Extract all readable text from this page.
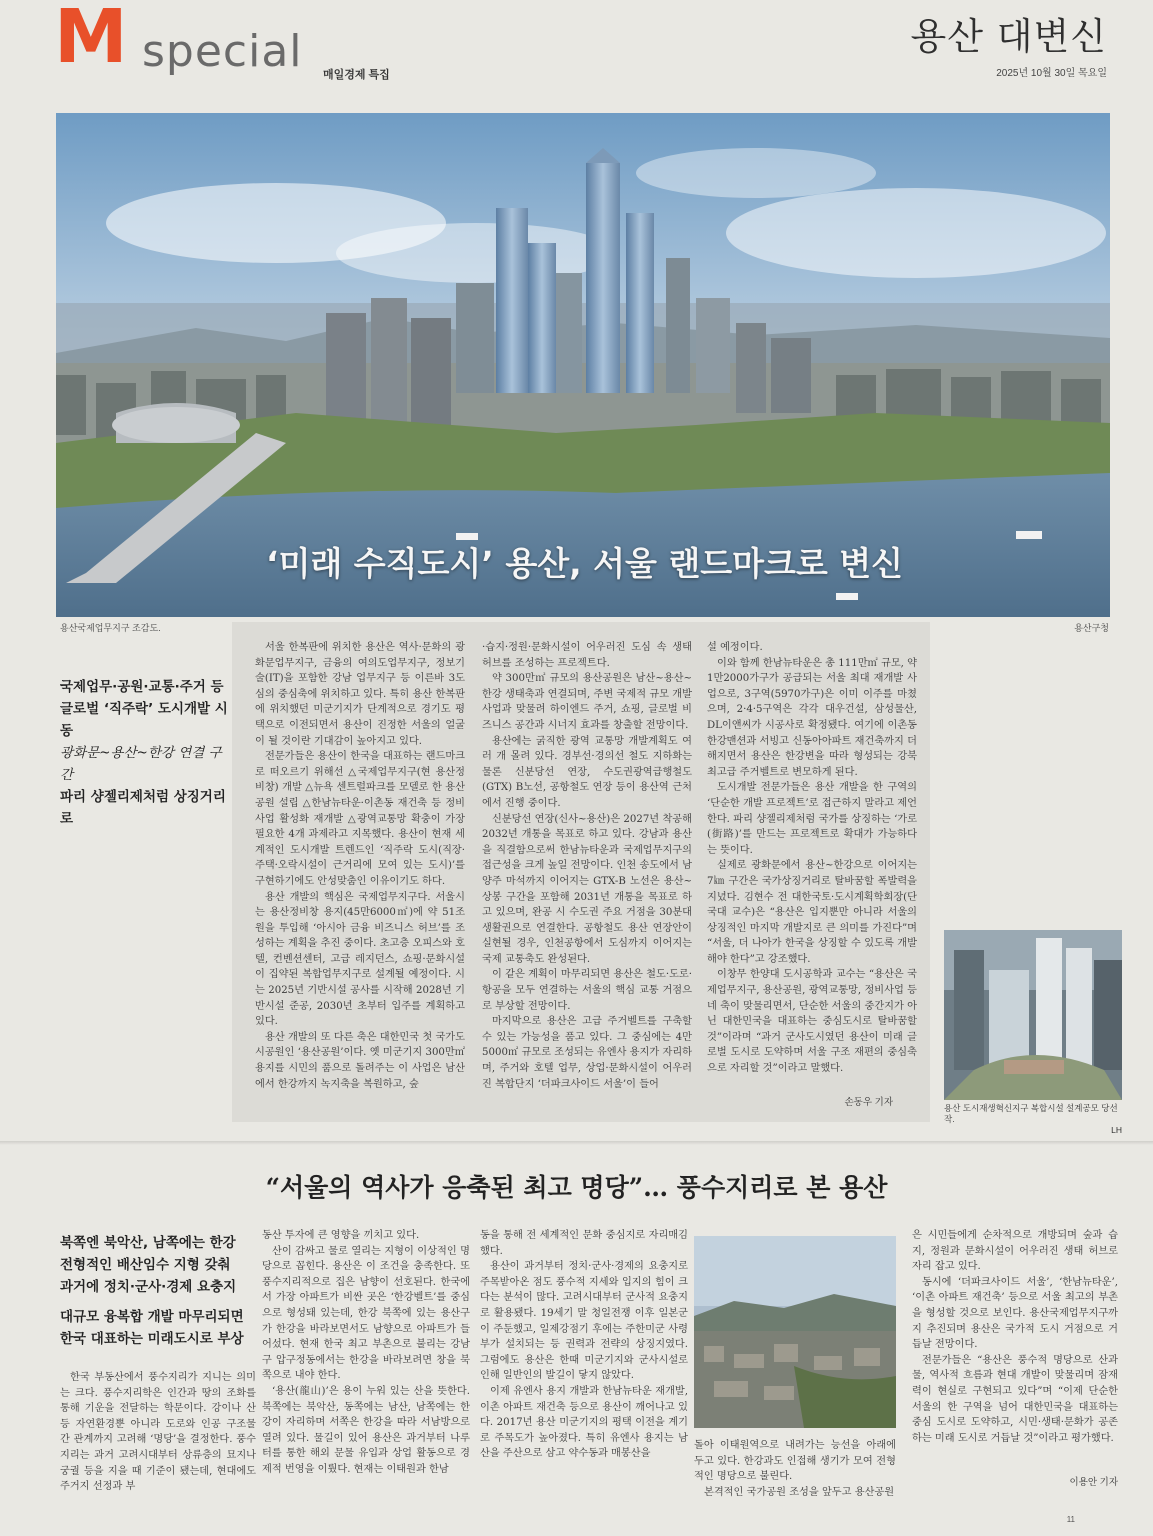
M special 매일경제 특집
용산 대변신
2025년 10월 30일 목요일
‘미래 수직도시’ 용산, 서울 랜드마크로 변신
용산국제업무지구 조감도.	용산구청
국제업무·공원·교통·주거 등
글로벌 ‘직주락’ 도시개발 시동
광화문~용산~한강 연결 구간
파리 샹젤리제처럼 상징거리로

서울 한복판에 위치한 용산은 역사·문화의 광화문업무지구, 금융의 여의도업무지구, 정보기술(IT)을 포함한 강남 업무지구 등 이른바 3도심의 중심축에 위치하고 있다. 특히 용산 한복판에 위치했던 미군기지가 단계적으로 경기도 평택으로 이전되면서 용산이 진정한 서울의 얼굴이 될 것이란 기대감이 높아지고 있다.

전문가들은 용산이 한국을 대표하는 랜드마크로 떠오르기 위해선 △국제업무지구(현 용산정비창) 개발 △뉴욕 센트럴파크를 모델로 한 용산공원 설립 △한남뉴타운·이촌동 재건축 등 정비사업 활성화 재개발 △광역교통망 확충이 가장 필요한 4개 과제라고 지목했다. 용산이 현재 세계적인 도시개발 트렌드인 ‘직주락 도시(직장·주택·오락시설이 근거리에 모여 있는 도시)’를 구현하기에도 안성맞춤인 이유이기도 하다.

용산 개발의 핵심은 국제업무지구다. 서울시는 용산정비창 용지(45만6000㎡)에 약 51조원을 투입해 ‘아시아 금융 비즈니스 허브’를 조성하는 계획을 추진 중이다. 초고층 오피스와 호텔, 컨벤션센터, 고급 레지던스, 쇼핑·문화시설이 집약된 복합업무지구로 설계될 예정이다. 시는 2025년 기반시설 공사를 시작해 2028년 기반시설 준공, 2030년 초부터 입주를 계획하고 있다.

용산 개발의 또 다른 축은 대한민국 첫 국가도시공원인 ‘용산공원’이다. 옛 미군기지 300만㎡ 용지를 시민의 품으로 돌려주는 이 사업은 남산에서 한강까지 녹지축을 복원하고, 숲

·습지·정원·문화시설이 어우러진 도심 속 생태 허브를 조성하는 프로젝트다.

약 300만㎡ 규모의 용산공원은 남산~용산~한강 생태축과 연결되며, 주변 국제적 규모 개발사업과 맞물려 하이엔드 주거, 쇼핑, 글로벌 비즈니스 공간과 시너지 효과를 창출할 전망이다.

용산에는 굵직한 광역 교통망 개발계획도 여러 개 몰려 있다. 경부선·경의선 철도 지하화는 물론 신분당선 연장, 수도권광역급행철도(GTX) B노선, 공항철도 연장 등이 용산역 근처에서 진행 중이다.

신분당선 연장(신사~용산)은 2027년 착공해 2032년 개통을 목표로 하고 있다. 강남과 용산을 직결함으로써 한남뉴타운과 국제업무지구의 접근성을 크게 높일 전망이다. 인천 송도에서 남양주 마석까지 이어지는 GTX-B 노선은 용산~상봉 구간을 포함해 2031년 개통을 목표로 하고 있으며, 완공 시 수도권 주요 거점을 30분대 생활권으로 연결한다. 공항철도 용산 연장안이 실현될 경우, 인천공항에서 도심까지 이어지는 국제 교통축도 완성된다.

이 같은 계획이 마무리되면 용산은 철도·도로·항공을 모두 연결하는 서울의 핵심 교통 거점으로 부상할 전망이다.

마지막으로 용산은 고급 주거벨트를 구축할 수 있는 가능성을 품고 있다. 그 중심에는 4만5000㎡ 규모로 조성되는 유엔사 용지가 자리하며, 주거와 호텔 업무, 상업·문화시설이 어우러진 복합단지 ‘더파크사이드 서울’이 들어

설 예정이다.

이와 함께 한남뉴타운은 총 111만㎡ 규모, 약 1만2000가구가 공급되는 서울 최대 재개발 사업으로, 3구역(5970가구)은 이미 이주를 마쳤으며, 2·4·5구역은 각각 대우건설, 삼성물산, DL이앤씨가 시공사로 확정됐다. 여기에 이촌동 한강맨션과 서빙고 신동아아파트 재건축까지 더해지면서 용산은 한강변을 따라 형성되는 강북 최고급 주거벨트로 변모하게 된다.

도시개발 전문가들은 용산 개발을 한 구역의 ‘단순한 개발 프로젝트’로 접근하지 말라고 제언한다. 파리 샹젤리제처럼 국가를 상징하는 ‘가로(街路)’를 만드는 프로젝트로 확대가 가능하다는 뜻이다.

실제로 광화문에서 용산~한강으로 이어지는 7㎞ 구간은 국가상징거리로 탈바꿈할 폭발력을 지녔다. 김현수 전 대한국토·도시계획학회장(단국대 교수)은 “용산은 입지뿐만 아니라 서울의 상징적인 마지막 개발지로 큰 의미를 가진다”며 “서울, 더 나아가 한국을 상징할 수 있도록 개발해야 한다”고 강조했다.

이창무 한양대 도시공학과 교수는 “용산은 국제업무지구, 용산공원, 광역교통망, 정비사업 등 네 축이 맞물리면서, 단순한 서울의 중간지가 아닌 대한민국을 대표하는 중심도시로 탈바꿈할 것”이라며 “과거 군사도시였던 용산이 미래 글로벌 도시로 도약하며 서울 구조 재편의 중심축으로 자리할 것”이라고 말했다.

손동우 기자	용산 도시재생혁신지구 복합시설 설계공모 당선작.
LH
“서울의 역사가 응축된 최고 명당”… 풍수지리로 본 용산
북쪽엔 북악산, 남쪽에는 한강
전형적인 배산임수 지형 갖춰
과거에 정치·군사·경제 요충지
대규모 융복합 개발 마무리되면
한국 대표하는 미래도시로 부상

한국 부동산에서 풍수지리가 지니는 의미는 크다. 풍수지리학은 인간과 땅의 조화를 통해 기운을 전달하는 학문이다. 강이나 산 등 자연환경뿐 아니라 도로와 인공 구조물 간 관계까지 고려해 ‘명당’을 결정한다. 풍수지리는 과거 고려시대부터 상류층의 묘지나 궁궐 등을 지을 때 기준이 됐는데, 현대에도 주거지 선정과 부

동산 투자에 큰 영향을 끼치고 있다.

산이 감싸고 물로 열리는 지형이 이상적인 명당으로 꼽힌다. 용산은 이 조건을 충족한다. 또 풍수지리적으로 집은 남향이 선호된다. 한국에서 가장 아파트가 비싼 곳은 ‘한강벨트’를 중심으로 형성돼 있는데, 한강 북쪽에 있는 용산구가 한강을 바라보면서도 남향으로 아파트가 들어섰다. 현재 한국 최고 부촌으로 불리는 강남구 압구정동에서는 한강을 바라보려면 창을 북쪽으로 내야 한다.

‘용산(龍山)’은 용이 누워 있는 산을 뜻한다. 북쪽에는 북악산, 동쪽에는 남산, 남쪽에는 한강이 자리하며 서쪽은 한강을 따라 서남방으로 열려 있다. 물길이 있어 용산은 과거부터 나루터를 통한 해외 문물 유입과 상업 활동으로 경제적 번영을 이뤘다. 현재는 이태원과 한남

동을 통해 전 세계적인 문화 중심지로 자리매김했다.

용산이 과거부터 정치·군사·경제의 요충지로 주목받아온 점도 풍수적 지세와 입지의 힘이 크다는 분석이 많다. 고려시대부터 군사적 요충지로 활용됐다. 19세기 말 청일전쟁 이후 일본군이 주둔했고, 일제강점기 후에는 주한미군 사령부가 설치되는 등 권력과 전략의 상징지였다. 그럼에도 용산은 한때 미군기지와 군사시설로 인해 일반인의 발길이 닿지 않았다.

이제 유엔사 용지 개발과 한남뉴타운 재개발, 이촌 아파트 재건축 등으로 용산이 깨어나고 있다. 2017년 용산 미군기지의 평택 이전을 계기로 주목도가 높아졌다. 특히 유엔사 용지는 남산을 주산으로 삼고 약수동과 매봉산을

돌아 이태원역으로 내려가는 능선을 아래에 두고 있다. 한강과도 인접해 생기가 모여 전형적인 명당으로 불린다.

본격적인 국가공원 조성을 앞두고 용산공원

은 시민들에게 순차적으로 개방되며 숲과 습지, 정원과 문화시설이 어우러진 생태 허브로 자리 잡고 있다.

동시에 ‘더파크사이드 서울’, ‘한남뉴타운’, ‘이촌 아파트 재건축’ 등으로 서울 최고의 부촌을 형성할 것으로 보인다. 용산국제업무지구까지 추진되며 용산은 국가적 도시 거점으로 거듭날 전망이다.

전문가들은 “용산은 풍수적 명당으로 산과 물, 역사적 흐름과 현대 개발이 맞물리며 잠재력이 현실로 구현되고 있다”며 “이제 단순한 서울의 한 구역을 넘어 대한민국을 대표하는 중심 도시로 도약하고, 시민·생태·문화가 공존하는 미래 도시로 거듭날 것”이라고 평가했다.

이용안 기자
11
